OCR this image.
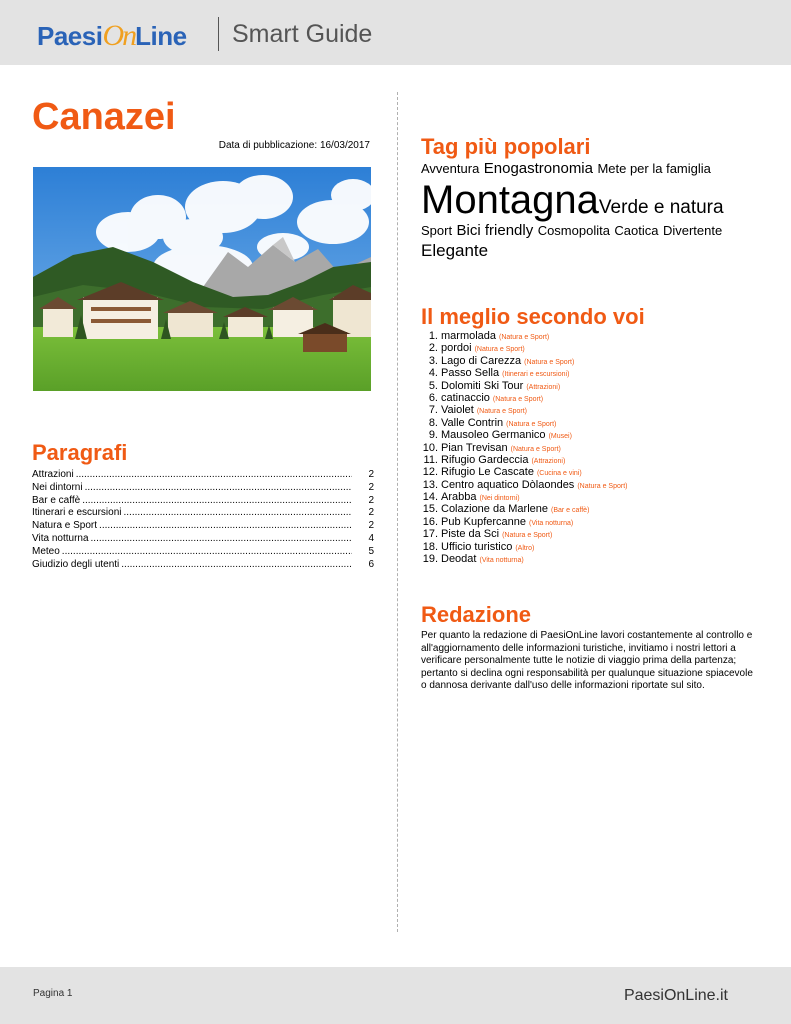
PaesiOnLine Smart Guide
Canazei
Data di pubblicazione: 16/03/2017
Paragrafi
Attrazioni .....	2
Nei dintorni .....	2
Bar e caffè .....	2
Itinerari e escursioni .....	2
Natura e Sport .....	2
Vita notturna .....	4
Meteo .....	5
Giudizio degli utenti .....	6
Tag più popolari
Avventura Enogastronomia Mete per la famiglia
MontagnaVerde e natura
Sport Bici friendly Cosmopolita Caotica Divertente
Elegante
Il meglio secondo voi
1. marmolada (Natura e Sport)
2. pordoi (Natura e Sport)
3. Lago di Carezza (Natura e Sport)
4. Passo Sella (Itinerari e escursioni)
5. Dolomiti Ski Tour (Attrazioni)
6. catinaccio (Natura e Sport)
7. Vaiolet (Natura e Sport)
8. Valle Contrin (Natura e Sport)
9. Mausoleo Germanico (Musei)
10. Pian Trevisan (Natura e Sport)
11. Rifugio Gardeccia (Attrazioni)
12. Rifugio Le Cascate (Cucina e vini)
13. Centro aquatico Dòlaondes (Natura e Sport)
14. Arabba (Nei dintorni)
15. Colazione da Marlene (Bar e caffè)
16. Pub Kupfercanne (Vita notturna)
17. Piste da Sci (Natura e Sport)
18. Ufficio turistico (Altro)
19. Deodat (Vita notturna)
Redazione

Per quanto la redazione di PaesiOnLine lavori costantemente al controllo e all'aggiornamento delle informazioni turistiche, invitiamo i nostri lettori a verificare personalmente tutte le notizie di viaggio prima della partenza; pertanto si declina ogni responsabilità per qualunque situazione spiacevole o dannosa derivante dall'uso delle informazioni riportate sul sito.

Pagina 1	PaesiOnLine.it
